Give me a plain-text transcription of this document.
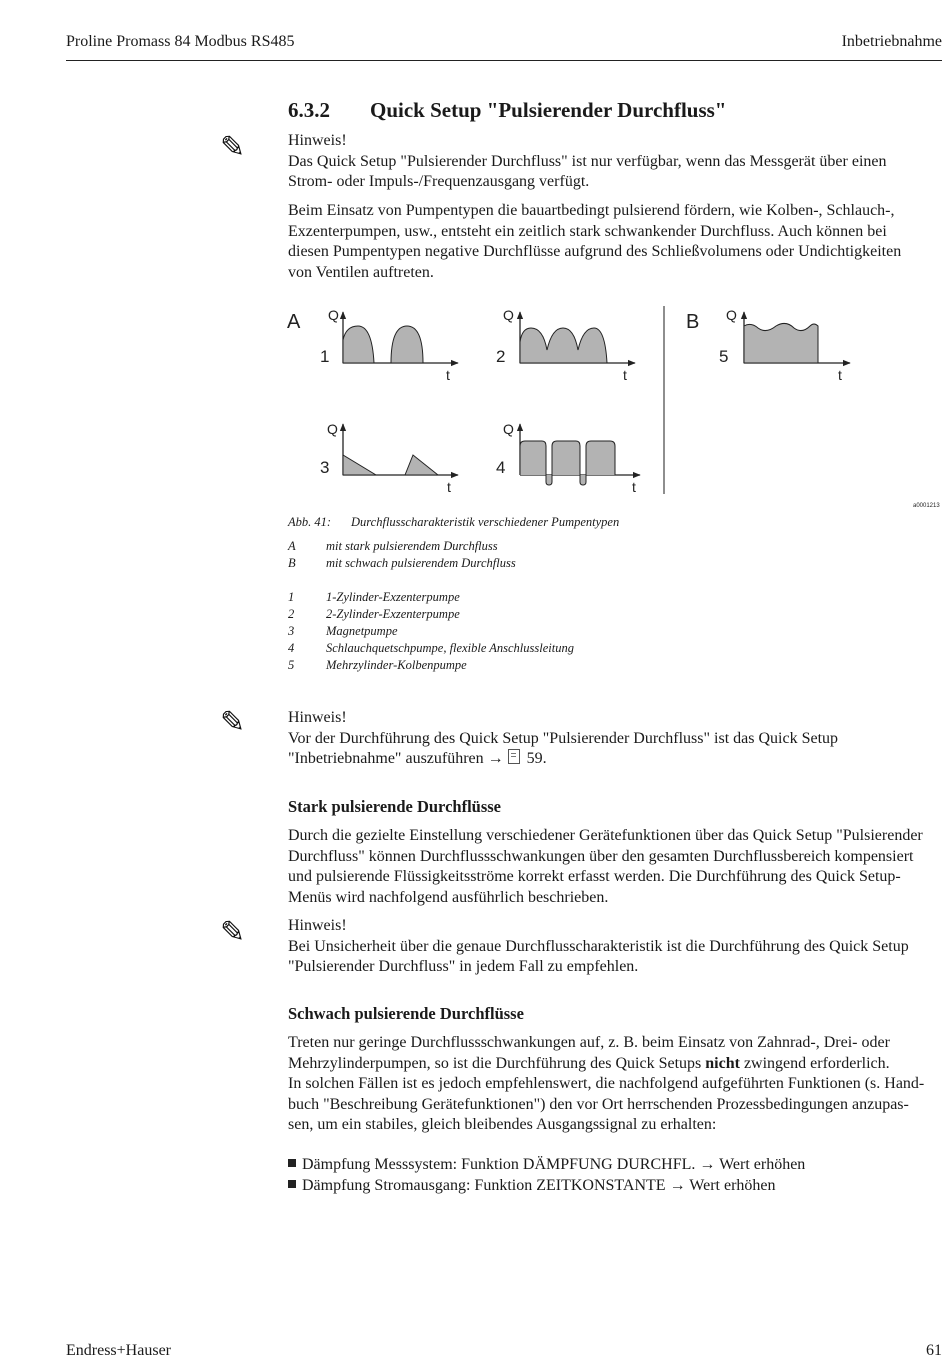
Proline Promass 84 Modbus RS485	Inbetriebnahme
6.3.2 Quick Setup "Pulsierender Durchfluss"
✎	Hinweis!
Das Quick Setup "Pulsierender Durchfluss" ist nur verfügbar, wenn das Messgerät über einen
Strom- oder Impuls-/Frequenzausgang verfügt.
Beim Einsatz von Pumpentypen die bauartbedingt pulsierend fördern, wie Kolben-, Schlauch-,
Exzenterpumpen, usw., entsteht ein zeitlich stark schwankender Durchfluss. Auch können bei
diesen Pumpentypen negative Durchflüsse aufgrund des Schließvolumens oder Undichtigkeiten
von Ventilen auftreten.
A	B
Q
t
1
Q
t
2
Q
t
5
Q
t
3
Q
t
4
a0001213
Abb. 41: Durchflusscharakteristik verschiedener Pumpentypen
A mit stark pulsierendem Durchfluss
B mit schwach pulsierendem Durchfluss
1	1-Zylinder-Exzenterpumpe
2	2-Zylinder-Exzenterpumpe
3	Magnetpumpe
4	Schlauchquetschpumpe, flexible Anschlussleitung
5	Mehrzylinder-Kolbenpumpe
✎	Hinweis!
Vor der Durchführung des Quick Setup "Pulsierender Durchfluss" ist das Quick Setup
"Inbetriebnahme" auszuführen →
59.
Stark pulsierende Durchflüsse
Durch die gezielte Einstellung verschiedener Gerätefunktionen über das Quick Setup "Pulsierender
Durchfluss" können Durchflussschwankungen über den gesamten Durchflussbereich kompensiert
und pulsierende Flüssigkeitsströme korrekt erfasst werden. Die Durchführung des Quick Setup-
Menüs wird nachfolgend ausführlich beschrieben.
✎	Hinweis!
Bei Unsicherheit über die genaue Durchflusscharakteristik ist die Durchführung des Quick Setup
"Pulsierender Durchfluss" in jedem Fall zu empfehlen.
Schwach pulsierende Durchflüsse
Treten nur geringe Durchflussschwankungen auf, z. B. beim Einsatz von Zahnrad-, Drei- oder
Mehrzylinderpumpen, so ist die Durchführung des Quick Setups nicht zwingend erforderlich.
In solchen Fällen ist es jedoch empfehlenswert, die nachfolgend aufgeführten Funktionen (s. Hand-
buch "Beschreibung Gerätefunktionen") den vor Ort herrschenden Prozessbedingungen anzupas-
sen, um ein stabiles, gleich bleibendes Ausgangssignal zu erhalten:
Dämpfung Messsystem: Funktion DÄMPFUNG DURCHFL. → Wert erhöhen
Dämpfung Stromausgang: Funktion ZEITKONSTANTE → Wert erhöhen
Endress+Hauser	61
